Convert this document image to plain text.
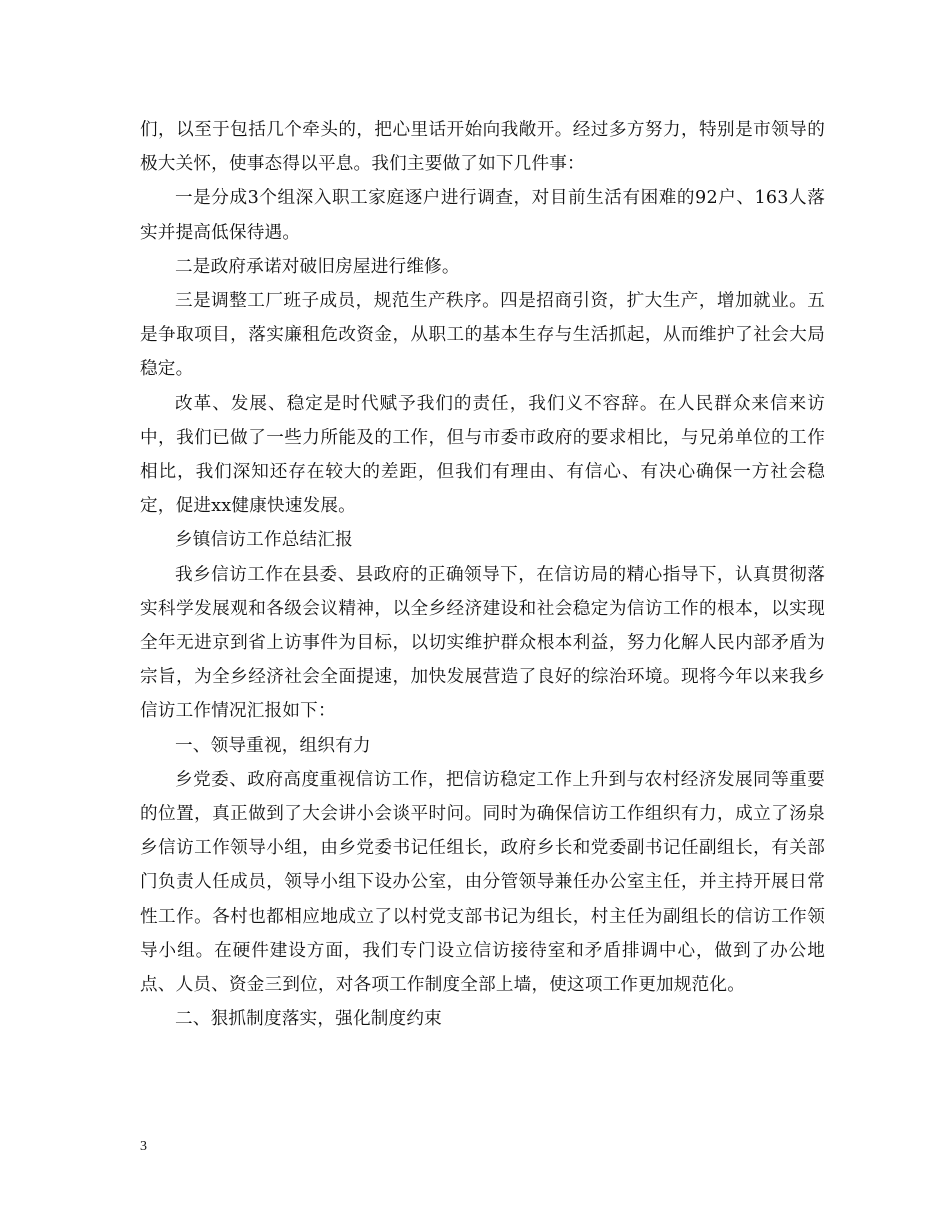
们，以至于包括几个牵头的，把心里话开始向我敞开。经过多方努力，特别是市领导的极大关怀，使事态得以平息。我们主要做了如下几件事：

一是分成3个组深入职工家庭逐户进行调查，对目前生活有困难的92户、163人落实并提高低保待遇。

二是政府承诺对破旧房屋进行维修。

三是调整工厂班子成员，规范生产秩序。四是招商引资，扩大生产，增加就业。五是争取项目，落实廉租危改资金，从职工的基本生存与生活抓起，从而维护了社会大局稳定。

改革、发展、稳定是时代赋予我们的责任，我们义不容辞。在人民群众来信来访中，我们已做了一些力所能及的工作，但与市委市政府的要求相比，与兄弟单位的工作相比，我们深知还存在较大的差距，但我们有理由、有信心、有决心确保一方社会稳定，促进xx健康快速发展。

乡镇信访工作总结汇报

我乡信访工作在县委、县政府的正确领导下，在信访局的精心指导下，认真贯彻落实科学发展观和各级会议精神，以全乡经济建设和社会稳定为信访工作的根本，以实现全年无进京到省上访事件为目标，以切实维护群众根本利益，努力化解人民内部矛盾为宗旨，为全乡经济社会全面提速，加快发展营造了良好的综治环境。现将今年以来我乡信访工作情况汇报如下：

一、领导重视，组织有力

乡党委、政府高度重视信访工作，把信访稳定工作上升到与农村经济发展同等重要的位置，真正做到了大会讲小会谈平时问。同时为确保信访工作组织有力，成立了汤泉乡信访工作领导小组，由乡党委书记任组长，政府乡长和党委副书记任副组长，有关部门负责人任成员，领导小组下设办公室，由分管领导兼任办公室主任，并主持开展日常性工作。各村也都相应地成立了以村党支部书记为组长，村主任为副组长的信访工作领导小组。在硬件建设方面，我们专门设立信访接待室和矛盾排调中心，做到了办公地点、人员、资金三到位，对各项工作制度全部上墙，使这项工作更加规范化。

二、狠抓制度落实，强化制度约束

3
